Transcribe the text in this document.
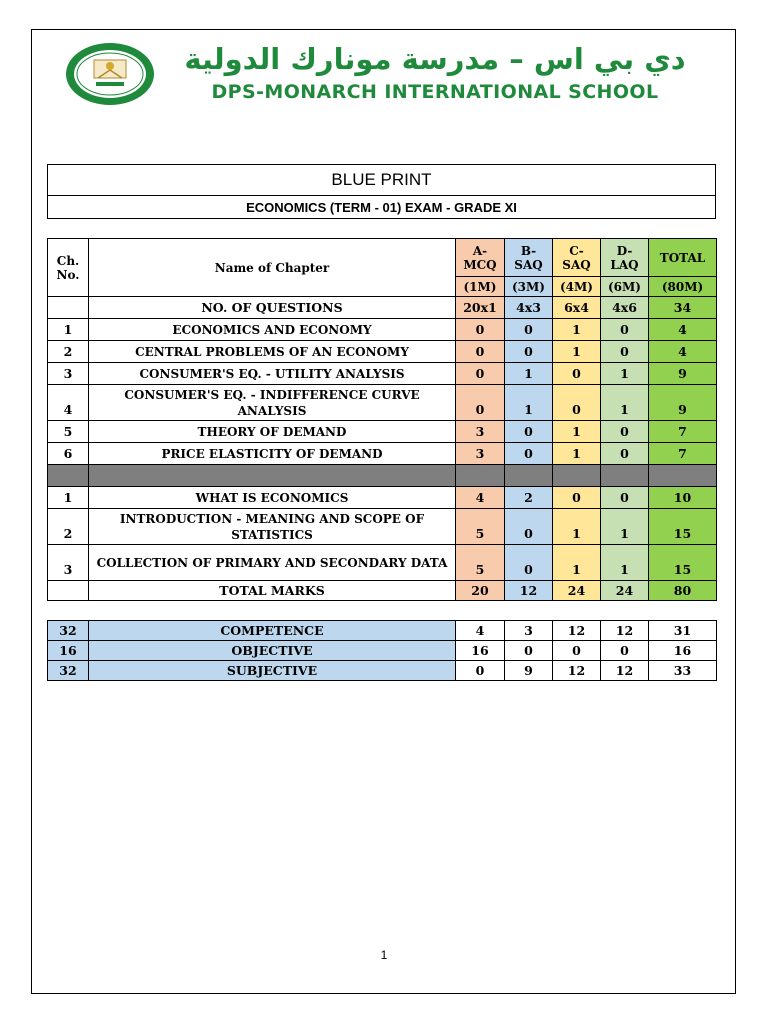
دي بي اس – مدرسة مونارك الدولية
DPS-MONARCH INTERNATIONAL SCHOOL
BLUE PRINT
ECONOMICS (TERM - 01) EXAM - GRADE XI
Ch. No.	Name of Chapter	A- MCQ	B- SAQ	C- SAQ	D- LAQ	TOTAL
		(1M)	(3M)	(4M)	(6M)	(80M)
	NO. OF QUESTIONS	20x1	4x3	6x4	4x6	34
1	ECONOMICS AND ECONOMY	0	0	1	0	4
2	CENTRAL PROBLEMS OF AN ECONOMY	0	0	1	0	4
3	CONSUMER'S EQ. - UTILITY ANALYSIS	0	1	0	1	9
4	CONSUMER'S EQ. - INDIFFERENCE CURVE ANALYSIS	0	1	0	1	9
5	THEORY OF DEMAND	3	0	1	0	7
6	PRICE ELASTICITY OF DEMAND	3	0	1	0	7

1	WHAT IS ECONOMICS	4	2	0	0	10
2	INTRODUCTION - MEANING AND SCOPE OF STATISTICS	5	0	1	1	15
3	COLLECTION OF PRIMARY AND SECONDARY DATA	5	0	1	1	15
	TOTAL MARKS	20	12	24	24	80
32	COMPETENCE	4	3	12	12	31
16	OBJECTIVE	16	0	0	0	16
32	SUBJECTIVE	0	9	12	12	33
1
